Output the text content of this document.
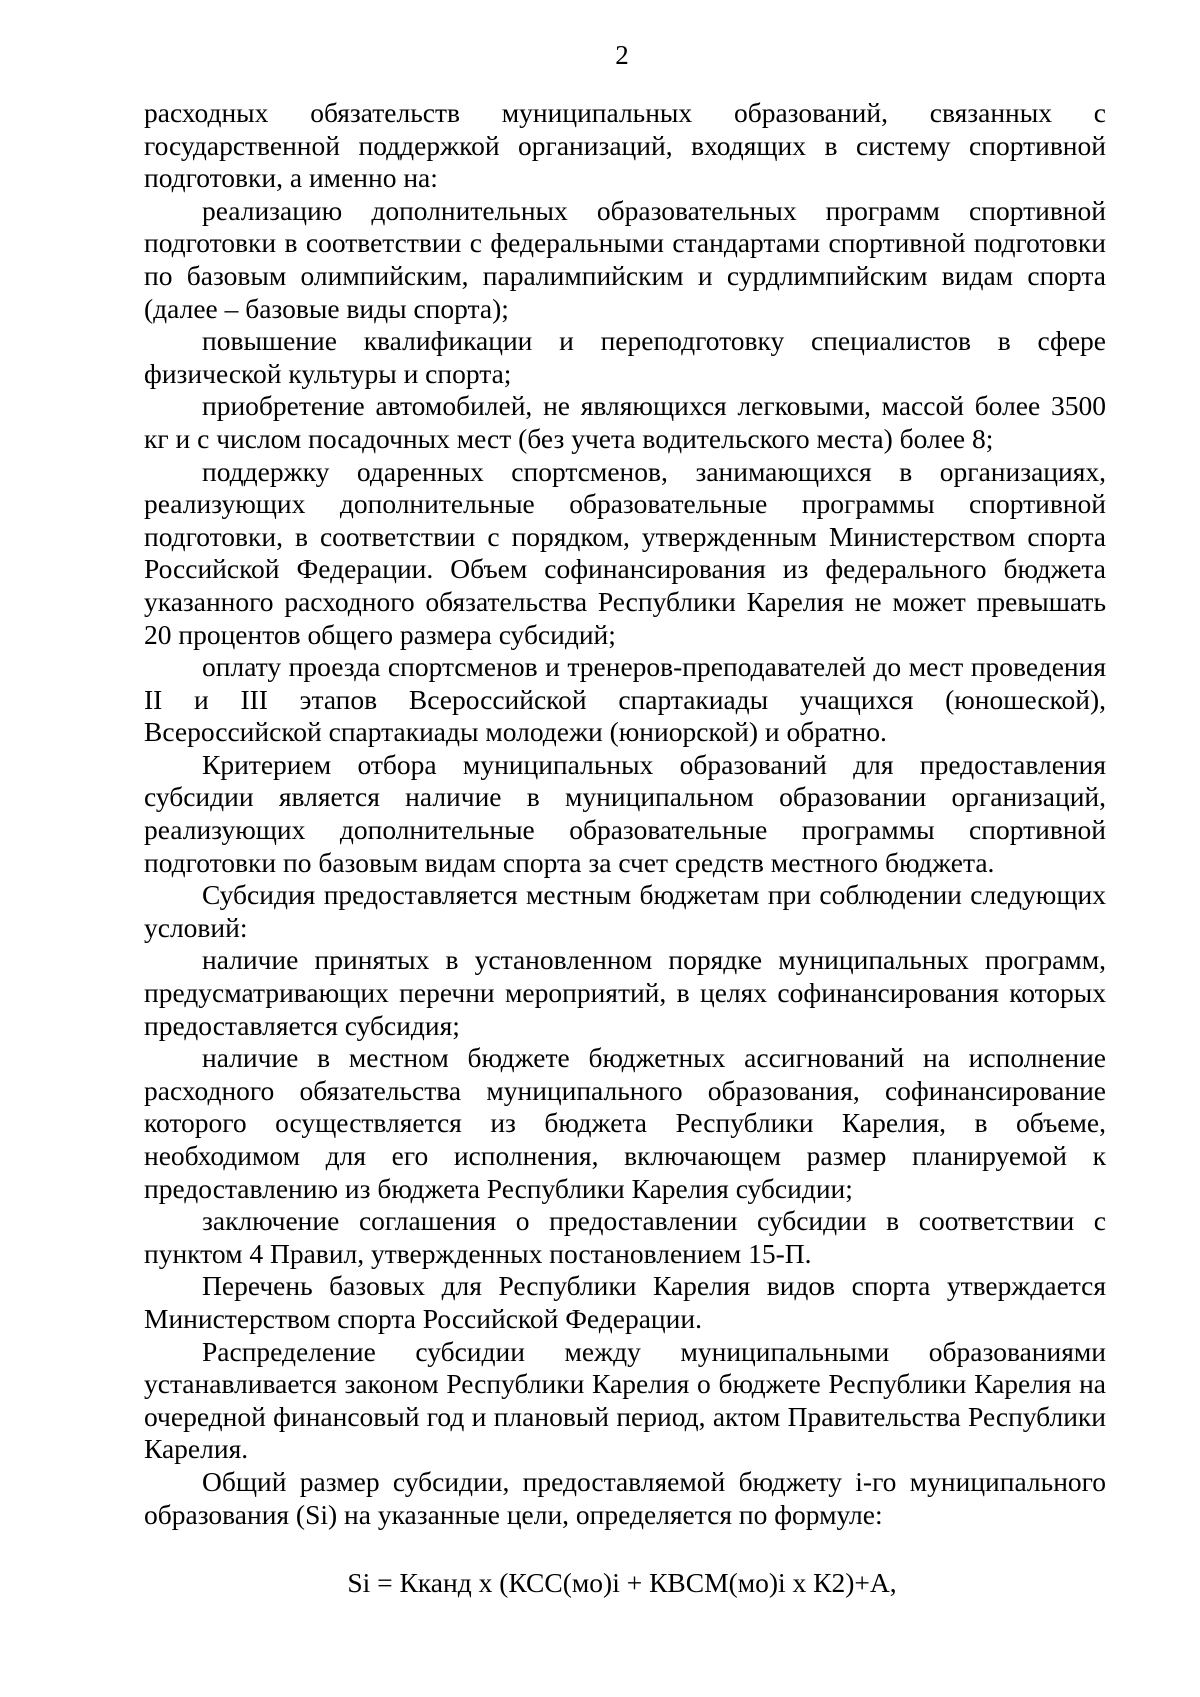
2

расходных обязательств муниципальных образований, связанных с государственной поддержкой организаций, входящих в систему спортивной подготовки, а именно на:

реализацию дополнительных образовательных программ спортивной подготовки в соответствии с федеральными стандартами спортивной подготовки по базовым олимпийским, паралимпийским и сурдлимпийским видам спорта (далее – базовые виды спорта);

повышение квалификации и переподготовку специалистов в сфере физической культуры и спорта;

приобретение автомобилей, не являющихся легковыми, массой более 3500 кг и с числом посадочных мест (без учета водительского места) более 8;

поддержку одаренных спортсменов, занимающихся в организациях, реализующих дополнительные образовательные программы спортивной подготовки, в соответствии с порядком, утвержденным Министерством спорта Российской Федерации. Объем софинансирования из федерального бюджета указанного расходного обязательства Республики Карелия не может превышать 20 процентов общего размера субсидий;

оплату проезда спортсменов и тренеров-преподавателей до мест проведения II и III этапов Всероссийской спартакиады учащихся (юношеской), Всероссийской спартакиады молодежи (юниорской) и обратно.

Критерием отбора муниципальных образований для предоставления субсидии является наличие в муниципальном образовании организаций, реализующих дополнительные образовательные программы спортивной подготовки по базовым видам спорта за счет средств местного бюджета.

Субсидия предоставляется местным бюджетам при соблюдении следующих условий:

наличие принятых в установленном порядке муниципальных программ, предусматривающих перечни мероприятий, в целях софинансирования которых предоставляется субсидия;

наличие в местном бюджете бюджетных ассигнований на исполнение расходного обязательства муниципального образования, софинансирование которого осуществляется из бюджета Республики Карелия, в объеме, необходимом для его исполнения, включающем размер планируемой к предоставлению из бюджета Республики Карелия субсидии;

заключение соглашения о предоставлении субсидии в соответствии с пунктом 4 Правил, утвержденных постановлением 15-П.

Перечень базовых для Республики Карелия видов спорта утверждается Министерством спорта Российской Федерации.

Распределение субсидии между муниципальными образованиями устанавливается законом Республики Карелия о бюджете Республики Карелия на очередной финансовый год и плановый период, актом Правительства Республики Карелия.

Общий размер субсидии, предоставляемой бюджету i-го муниципального образования (Si) на указанные цели, определяется по формуле:

Si = Кканд x (КСС(мо)i + КВСМ(мо)i x К2)+А,
